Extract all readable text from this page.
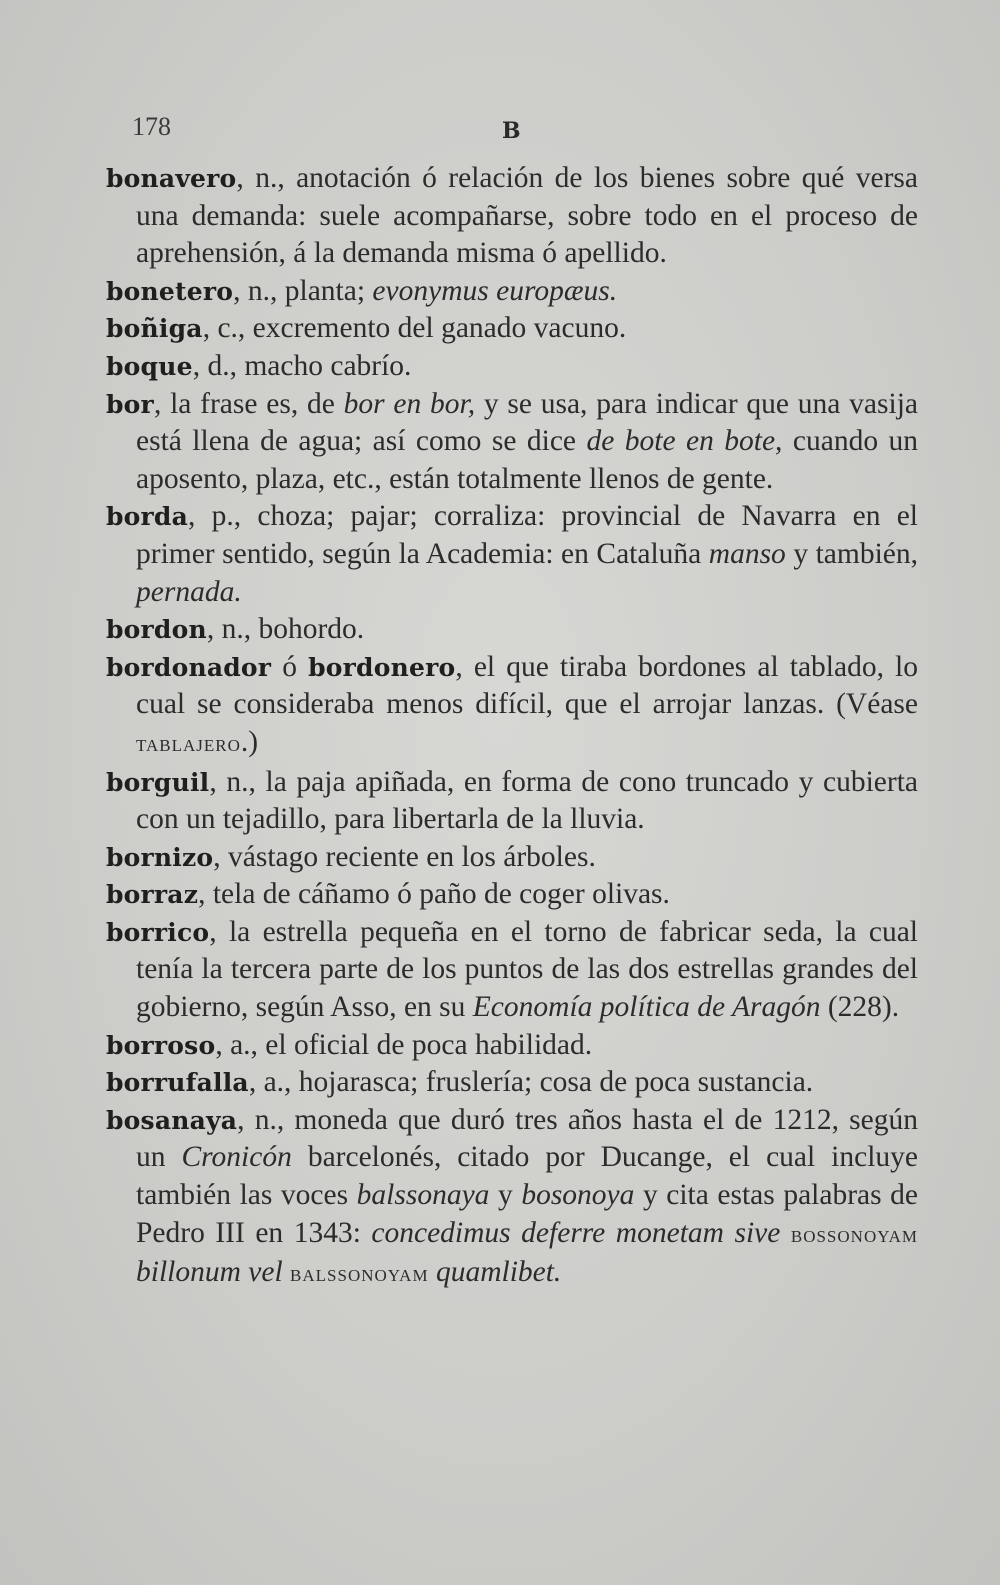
178	B

bonavero, n., anotación ó relación de los bienes sobre qué versa una demanda: suele acompañarse, sobre todo en el proceso de aprehensión, á la demanda misma ó apellido.

bonetero, n., planta; evonymus europæus.

boñiga, c., excremento del ganado vacuno.

boque, d., macho cabrío.

bor, la frase es, de bor en bor, y se usa, para indicar que una vasija está llena de agua; así como se dice de bote en bote, cuando un aposento, plaza, etc., están totalmente llenos de gente.

borda, p., choza; pajar; corraliza: provincial de Navarra en el primer sentido, según la Academia: en Cataluña manso y también, pernada.

bordon, n., bohordo.

bordonador ó bordonero, el que tiraba bordones al tablado, lo cual se consideraba menos difícil, que el arrojar lanzas. (Véase tablajero.)

borguil, n., la paja apiñada, en forma de cono truncado y cubierta con un tejadillo, para libertarla de la lluvia.

bornizo, vástago reciente en los árboles.

borraz, tela de cáñamo ó paño de coger olivas.

borrico, la estrella pequeña en el torno de fabricar seda, la cual tenía la tercera parte de los puntos de las dos estrellas grandes del gobierno, según Asso, en su Economía política de Aragón (228).

borroso, a., el oficial de poca habilidad.

borrufalla, a., hojarasca; fruslería; cosa de poca sustancia.

bosanaya, n., moneda que duró tres años hasta el de 1212, según un Cronicón barcelonés, citado por Ducange, el cual incluye también las voces balssonaya y bosonoya y cita estas palabras de Pedro III en 1343: concedimus deferre monetam sive bossonoyam billonum vel balssonoyam quamlibet.
